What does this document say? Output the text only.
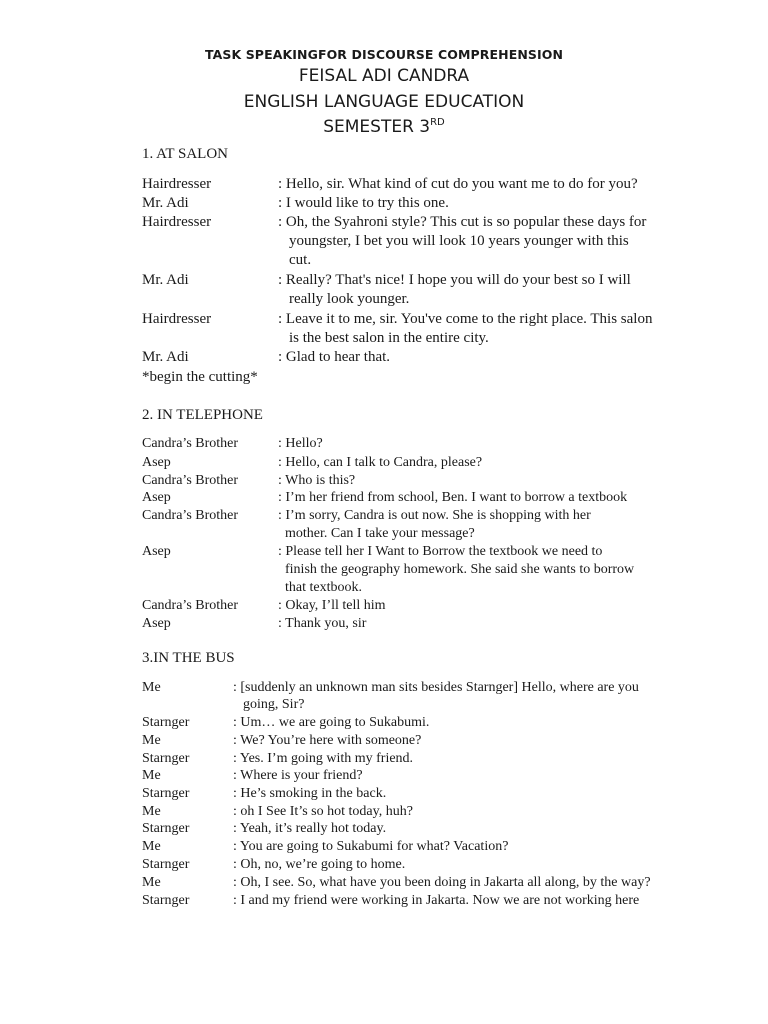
TASK SPEAKINGFOR DISCOURSE COMPREHENSION
FEISAL ADI CANDRA
ENGLISH LANGUAGE EDUCATION
SEMESTER 3RD
1. AT SALON
2. IN TELEPHONE
3.IN THE BUS
Hairdresser	: Hello, sir. What kind of cut do you want me to do for you?
Mr. Adi	: I would like to try this one.
Hairdresser	: Oh, the Syahroni style? This cut is so popular these days for
youngster, I bet you will look 10 years younger with this
cut.
Mr. Adi	: Really? That's nice! I hope you will do your best so I will
really look younger.
Hairdresser	: Leave it to me, sir. You've come to the right place. This salon
is the best salon in the entire city.
Mr. Adi	: Glad to hear that.
*begin the cutting*
Candra’s Brother	: Hello?
Asep	: Hello, can I talk to Candra, please?
Candra’s Brother	: Who is this?
Asep	: I’m her friend from school, Ben. I want to borrow a textbook
Candra’s Brother	: I’m sorry, Candra is out now. She is shopping with her
mother. Can I take your message?
Asep	: Please tell her I Want to Borrow the textbook we need to
finish the geography homework. She said she wants to borrow
that textbook.
Candra’s Brother	: Okay, I’ll tell him
Asep	: Thank you, sir
Me	: [suddenly an unknown man sits besides Starnger] Hello, where are you
going, Sir?
Starnger	: Um… we are going to Sukabumi.
Me	: We? You’re here with someone?
Starnger	: Yes. I’m going with my friend.
Me	: Where is your friend?
Starnger	: He’s smoking in the back.
Me	: oh I See It’s so hot today, huh?
Starnger	: Yeah, it’s really hot today.
Me	: You are going to Sukabumi for what? Vacation?
Starnger	: Oh, no, we’re going to home.
Me	: Oh, I see. So, what have you been doing in Jakarta all along, by the way?
Starnger	: I and my friend were working in Jakarta. Now we are not working here
